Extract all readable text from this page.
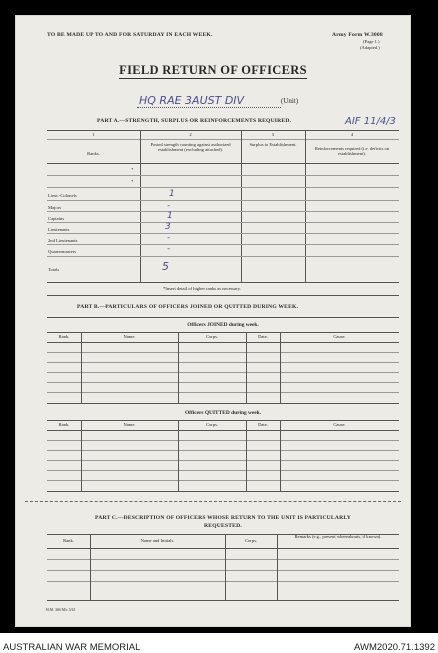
TO BE MADE UP TO AND FOR SATURDAY IN EACH WEEK.	Army Form W.3008
(Page 1.)
(Adapted.)
FIELD RETURN OF OFFICERS
HQ RAE 3AUST DIV	(Unit)
PART A.—STRENGTH, SURPLUS OR REINFORCEMENTS REQUIRED.	AIF 11/4/3
1	2	3	4
Ranks.
Posted strength counting against authorized establishment (excluding attached).
Surplus to Establishment.
Reinforcements required (i.e. deficits on establishment).
*
*
Lieut.-Colonels	1
Majors	-
Captains	1
Lieutenants	3
2nd Lieutenants	-
Quartermasters	-
Totals	5
*Insert detail of higher ranks as necessary.
PART B.—PARTICULARS OF OFFICERS JOINED OR QUITTED DURING WEEK.
Officers JOINED during week.
Rank.	Name.	Corps.	Date.	Cause.
Officers QUITTED during week.
Rank.	Name.	Corps.	Date.	Cause.
PART C.—DESCRIPTION OF OFFICERS WHOSE RETURN TO THE UNIT IS PARTICULARLY
REQUESTED.
Rank.	Name and Initials.	Corps.
Remarks (e.g., present whereabouts, if known).
H.M. 366 M/c 3/41
AUSTRALIAN WAR MEMORIAL	AWM2020.71.1392
